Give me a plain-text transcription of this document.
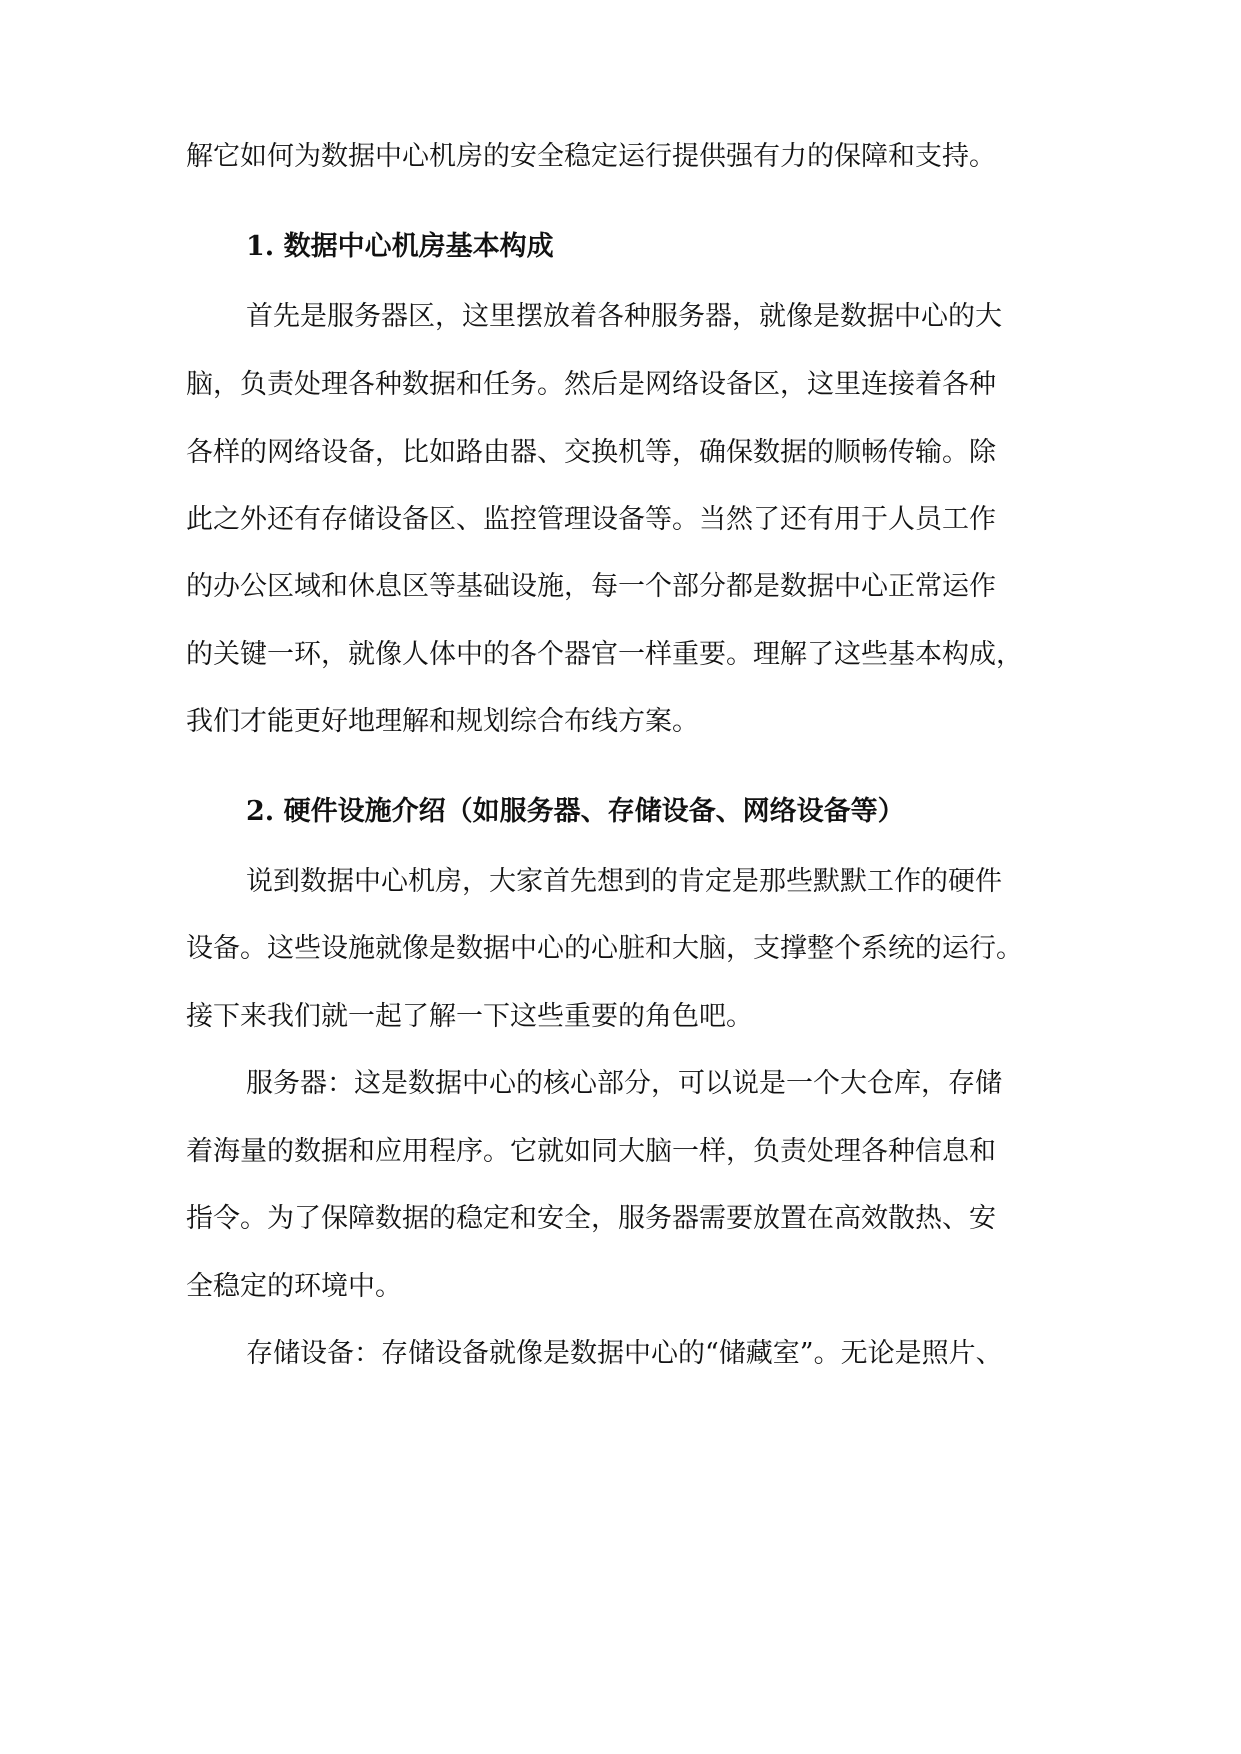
解它如何为数据中心机房的安全稳定运行提供强有力的保障和支持。

1. 数据中心机房基本构成

首先是服务器区，这里摆放着各种服务器，就像是数据中心的大

脑，负责处理各种数据和任务。然后是网络设备区，这里连接着各种

各样的网络设备，比如路由器、交换机等，确保数据的顺畅传输。除

此之外还有存储设备区、监控管理设备等。当然了还有用于人员工作

的办公区域和休息区等基础设施，每一个部分都是数据中心正常运作

的关键一环，就像人体中的各个器官一样重要。理解了这些基本构成，

我们才能更好地理解和规划综合布线方案。

2. 硬件设施介绍（如服务器、存储设备、网络设备等）

说到数据中心机房，大家首先想到的肯定是那些默默工作的硬件

设备。这些设施就像是数据中心的心脏和大脑，支撑整个系统的运行。

接下来我们就一起了解一下这些重要的角色吧。

服务器：这是数据中心的核心部分，可以说是一个大仓库，存储

着海量的数据和应用程序。它就如同大脑一样，负责处理各种信息和

指令。为了保障数据的稳定和安全，服务器需要放置在高效散热、安

全稳定的环境中。

存储设备：存储设备就像是数据中心的“储藏室”。无论是照片、
